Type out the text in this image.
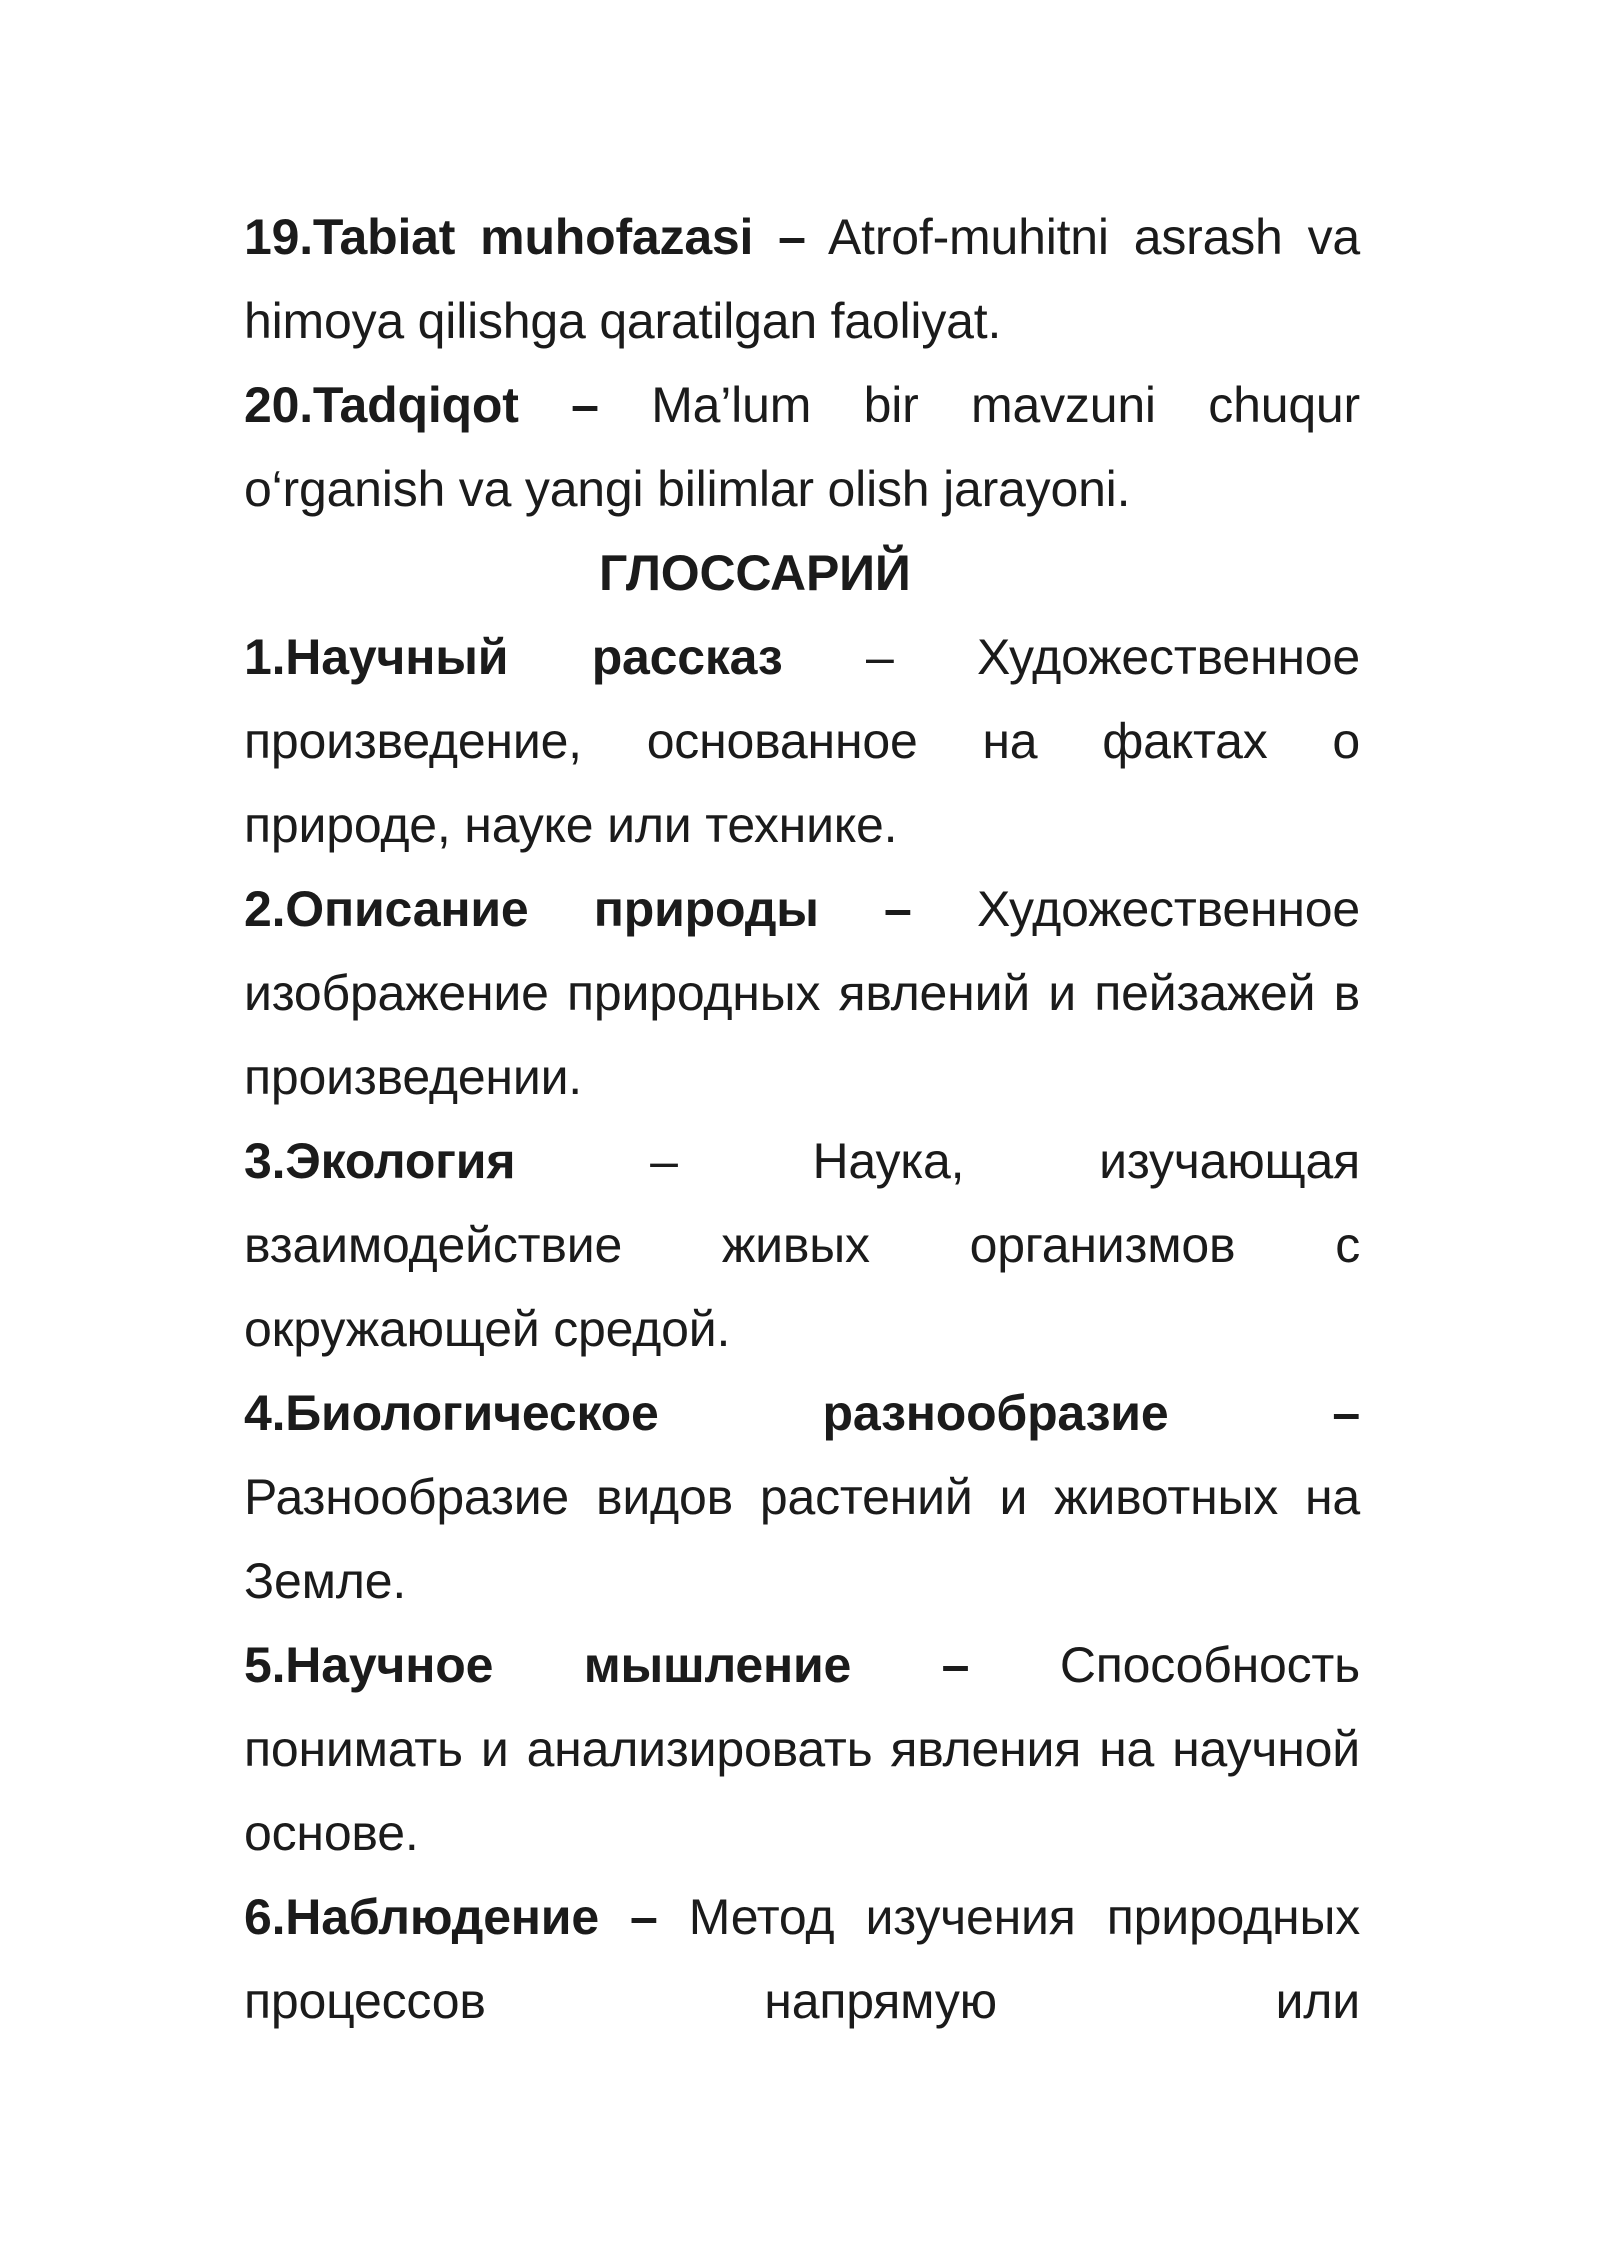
19.Tabiat muhofazasi – Atrof-muhitni asrash va himoya qilishga qaratilgan faoliyat.

20.Tadqiqot – Ma’lum bir mavzuni chuqur o‘rganish va yangi bilimlar olish jarayoni.

ГЛОССАРИЙ

1.Научный рассказ – Художественное произведение, основанное на фактах о природе, науке или технике.

2.Описание природы – Художественное изображение природных явлений и пейзажей в произведении.

3.Экология	– Наука, изучающая взаимодействие живых организмов с окружающей средой.

4.Биологическое разнообразие – Разнообразие видов растений и животных на Земле.

5.Научное мышление – Способность понимать и анализировать явления на научной основе.

6.Наблюдение – Метод изучения природных процессов напрямую или
